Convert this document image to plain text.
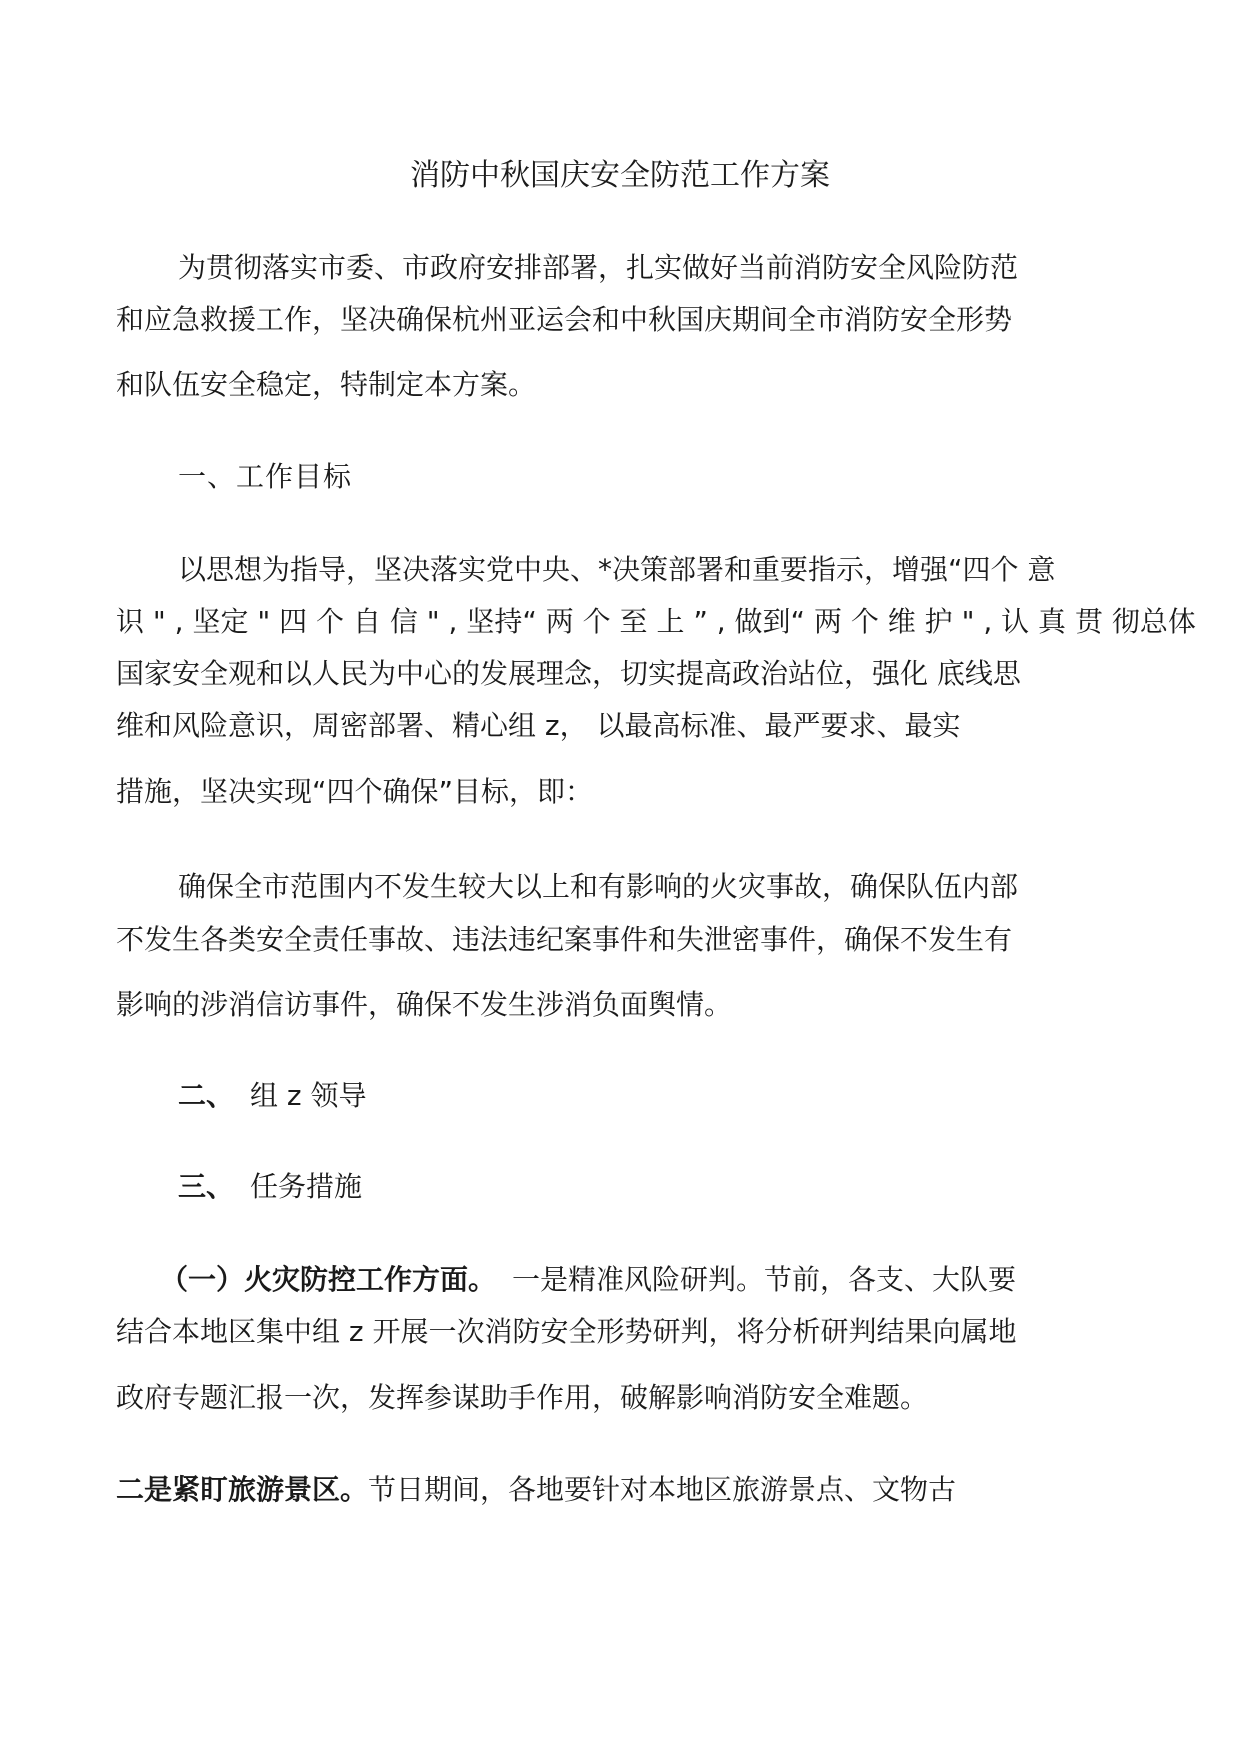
消防中秋国庆安全防范工作方案

为贯彻落实市委、市政府安排部署，扎实做好当前消防安全风险防范

和应急救援工作，坚决确保杭州亚运会和中秋国庆期间全市消防安全形势

和队伍安全稳定，特制定本方案。

一、工作目标

以思想为指导，坚决落实党中央、*决策部署和重要指示，增强“四个 意

识 " , 坚定 " 四 个 自 信 " , 坚持“ 两 个 至 上 ” , 做到“ 两 个 维 护 " , 认 真 贯 彻总体

国家安全观和以人民为中心的发展理念，切实提高政治站位，强化 底线思

维和风险意识，周密部署、精心组 z， 以最高标准、最严要求、最实

措施，坚决实现“四个确保”目标，即：

确保全市范围内不发生较大以上和有影响的火灾事故，确保队伍内部

不发生各类安全责任事故、违法违纪案事件和失泄密事件，确保不发生有

影响的涉消信访事件，确保不发生涉消负面舆情。

二、 组 z 领导

三、 任务措施

（一）火灾防控工作方面。 一是精准风险研判。节前，各支、大队要

结合本地区集中组 z 开展一次消防安全形势研判，将分析研判结果向属地

政府专题汇报一次，发挥参谋助手作用，破解影响消防安全难题。

二是紧盯旅游景区。节日期间，各地要针对本地区旅游景点、文物古
